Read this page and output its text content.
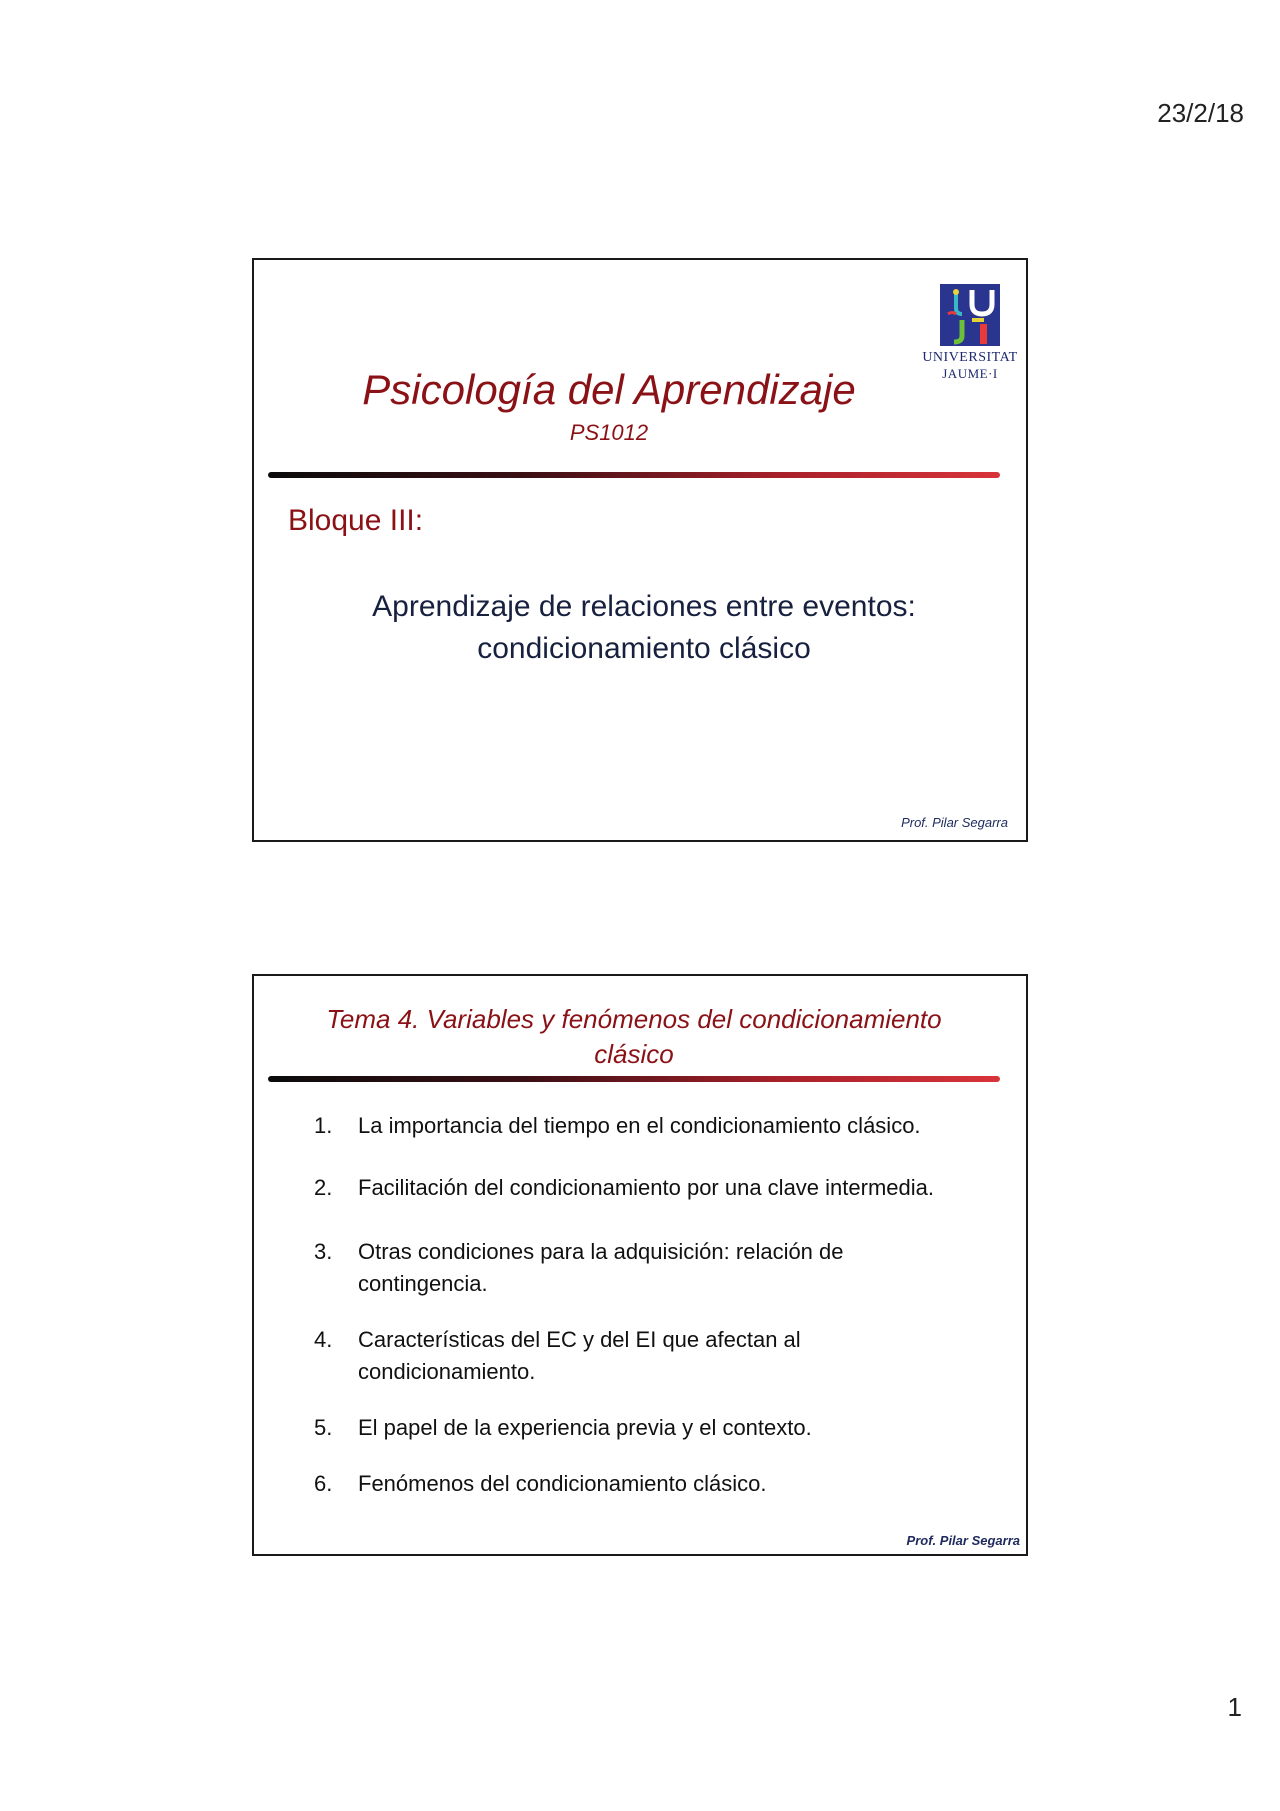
23/2/18
UNIVERSITAT
JAUME·I
Psicología del Aprendizaje
PS1012
Bloque III:
Aprendizaje de relaciones entre eventos:
condicionamiento clásico
Prof. Pilar Segarra
Tema 4. Variables y fenómenos del condicionamiento
clásico
1.	La importancia del tiempo en el condicionamiento clásico.
2.	Facilitación del condicionamiento por una clave intermedia.
3.	Otras condiciones para la adquisición: relación de contingencia.
4.	Características del EC y del EI que afectan al condicionamiento.
5.	El papel de la experiencia previa y el contexto.
6.	Fenómenos del condicionamiento clásico.
Prof. Pilar Segarra
1
